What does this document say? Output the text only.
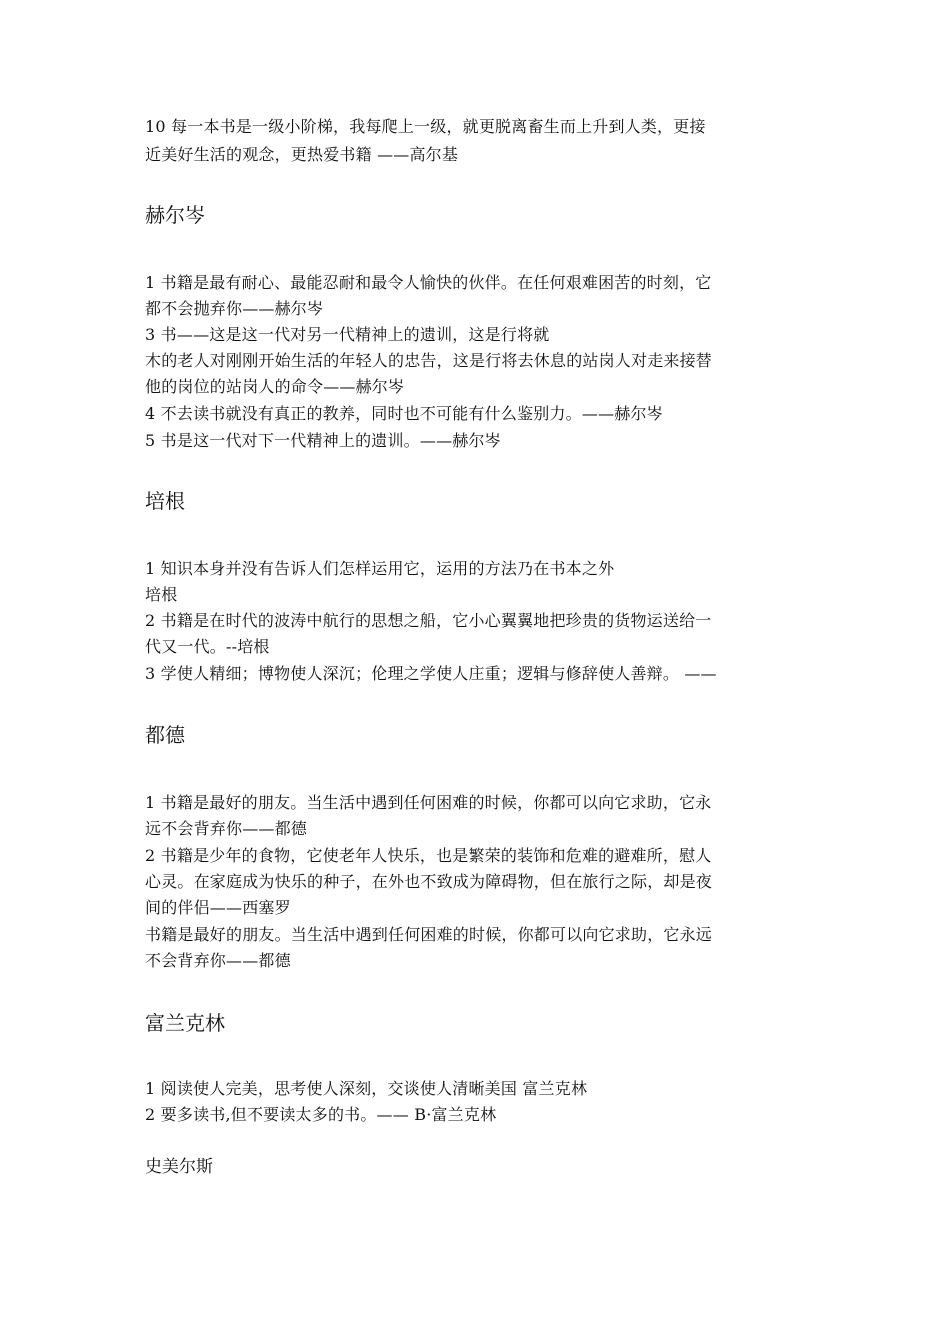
10 每一本书是一级小阶梯，我每爬上一级，就更脱离畜生而上升到人类，更接
近美好生活的观念，更热爱书籍 ——高尔基
赫尔岑
1 书籍是最有耐心、最能忍耐和最令人愉快的伙伴。在任何艰难困苦的时刻，它
都不会抛弃你——赫尔岑
3 书——这是这一代对另一代精神上的遗训，这是行将就
木的老人对刚刚开始生活的年轻人的忠告，这是行将去休息的站岗人对走来接替
他的岗位的站岗人的命令——赫尔岑
4 不去读书就没有真正的教养，同时也不可能有什么鉴别力。——赫尔岑
5 书是这一代对下一代精神上的遗训。——赫尔岑
培根
1 知识本身并没有告诉人们怎样运用它，运用的方法乃在书本之外
培根
2 书籍是在时代的波涛中航行的思想之船，它小心翼翼地把珍贵的货物运送给一
代又一代。--培根
3 学使人精细；博物使人深沉；伦理之学使人庄重；逻辑与修辞使人善辩。 ——
都德
1 书籍是最好的朋友。当生活中遇到任何困难的时候，你都可以向它求助，它永
远不会背弃你——都德
2 书籍是少年的食物，它使老年人快乐，也是繁荣的装饰和危难的避难所，慰人
心灵。在家庭成为快乐的种子，在外也不致成为障碍物，但在旅行之际，却是夜
间的伴侣——西塞罗
书籍是最好的朋友。当生活中遇到任何困难的时候，你都可以向它求助，它永远
不会背弃你——都德
富兰克林
1 阅读使人完美，思考使人深刻，交谈使人清晰美国 富兰克林
2 要多读书,但不要读太多的书。—— B·富兰克林
史美尔斯
